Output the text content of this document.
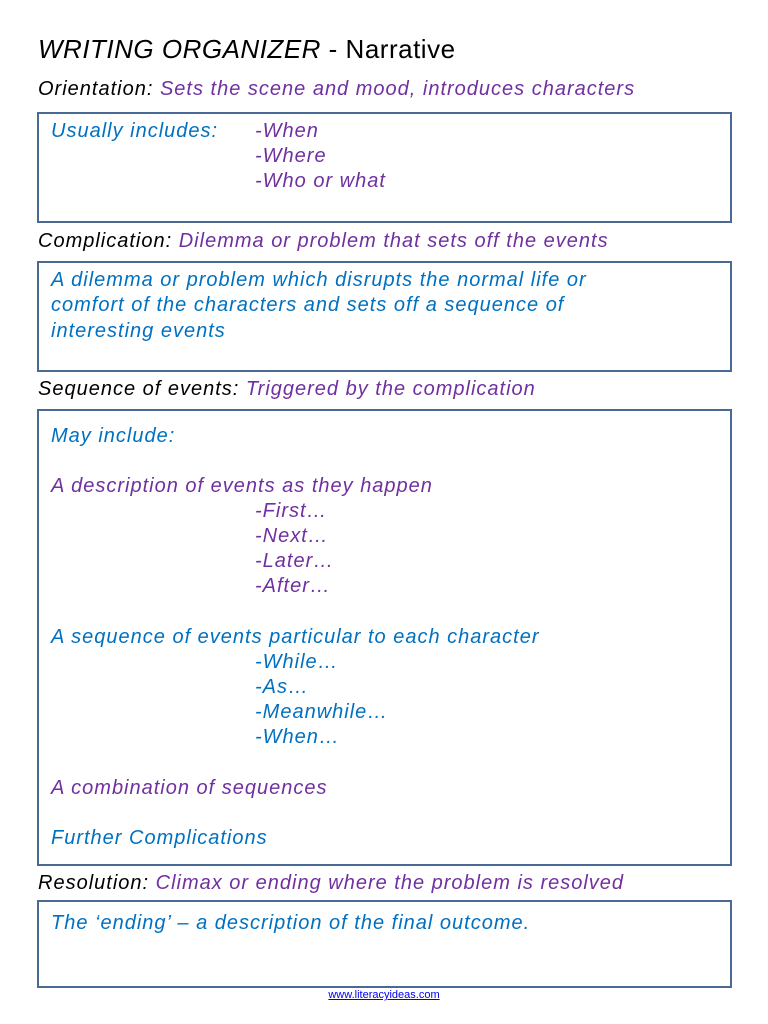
WRITING ORGANIZER - Narrative
Orientation: Sets the scene and mood, introduces characters
Usually includes: -When
-Where
-Who or what
Complication: Dilemma or problem that sets off the events
A dilemma or problem which disrupts the normal life or
comfort of the characters and sets off a sequence of
interesting events
Sequence of events: Triggered by the complication
May include:
A description of events as they happen
-First…
-Next…
-Later…
-After…
A sequence of events particular to each character
-While…
-As…
-Meanwhile…
-When…
A combination of sequences
Further Complications
Resolution: Climax or ending where the problem is resolved
The ‘ending’ – a description of the final outcome.
www.literacyideas.com
